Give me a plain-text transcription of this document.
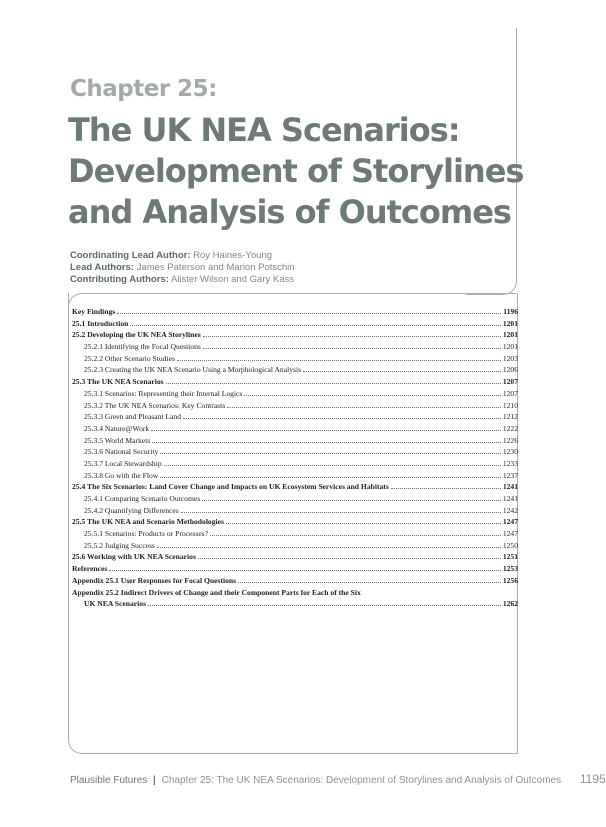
Chapter 25:
The UK NEA Scenarios:
Development of Storylines
and Analysis of Outcomes
Coordinating Lead Author: Roy Haines-Young
Lead Authors: James Paterson and Marion Potschin
Contributing Authors: Alister Wilson and Gary Kass
Key Findings	1196
25.1 Introduction	1201
25.2 Developing the UK NEA Storylines	1201
25.2.1 Identifying the Focal Questions	1201
25.2.2 Other Scenario Studies	1203
25.2.3 Creating the UK NEA Scenario Using a Morphological Analysis	1206
25.3 The UK NEA Scenarios	1207
25.3.1 Scenarios: Representing their Internal Logics	1207
25.3.2 The UK NEA Scenarios: Key Contrasts	1210
25.3.3 Green and Pleasant Land	1212
25.3.4 Nature@Work	1222
25.3.5 World Markets	1226
25.3.6 National Security	1230
25.3.7 Local Stewardship	1233
25.3.8 Go with the Flow	1237
25.4 The Six Scenarios: Land Cover Change and Impacts on UK Ecosystem Services and Habitats	1241
25.4.1 Comparing Scenario Outcomes	1241
25.4.2 Quantifying Differences	1242
25.5 The UK NEA and Scenario Methodologies	1247
25.5.1 Scenarios: Products or Processes?	1247
25.5.2 Judging Success	1250
25.6 Working with UK NEA Scenarios	1251
References	1253
Appendix 25.1 User Responses for Focal Questions	1256
Appendix 25.2 Indirect Drivers of Change and their Component Parts for Each of the Six
UK NEA Scenarios	1262
Plausible Futures | Chapter 25: The UK NEA Scenarios: Development of Storylines and Analysis of Outcomes 1195
